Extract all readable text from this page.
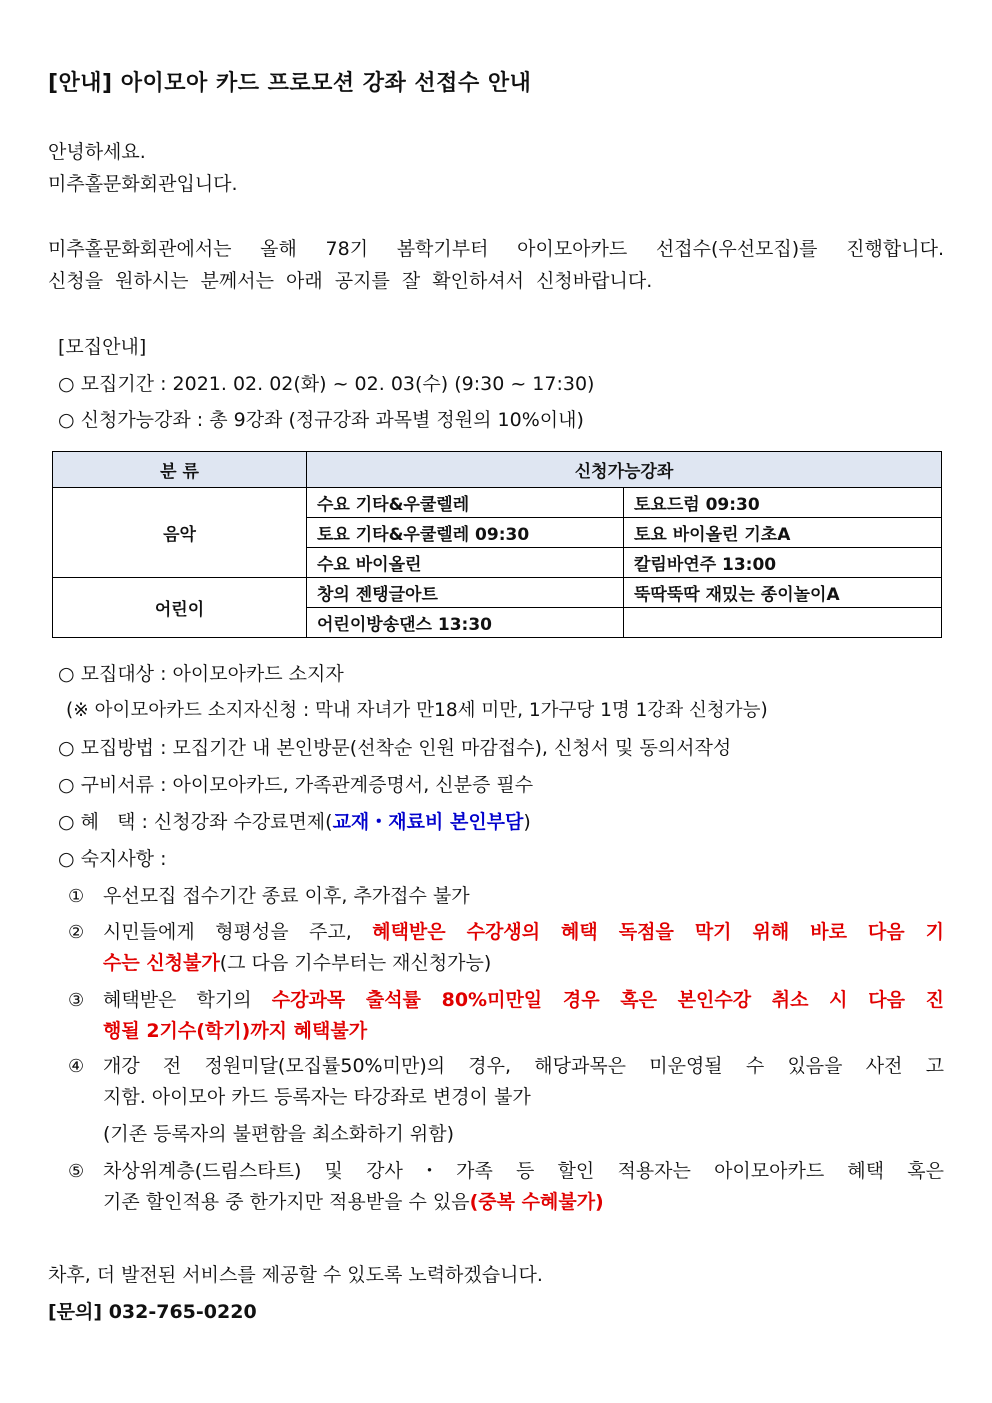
[안내] 아이모아 카드 프로모션 강좌 선접수 안내
안녕하세요.
미추홀문화회관입니다.
미추홀문화회관에서는 올해 78기 봄학기부터 아이모아카드 선접수(우선모집)를 진행합니다.
신청을 원하시는 분께서는 아래 공지를 잘 확인하셔서 신청바랍니다.
[모집안내]
○ 모집기간 : 2021. 02. 02(화) ~ 02. 03(수) (9:30 ~ 17:30)
○ 신청가능강좌 : 총 9강좌 (정규강좌 과목별 정원의 10%이내)
분 류	신청가능강좌	
음악	수요 기타&우쿨렐레	토요드럼 09:30
	토요 기타&우쿨렐레 09:30	토요 바이올린 기초A
	수요 바이올린	칼림바연주 13:00
어린이	창의 젠탱글아트	뚝딱뚝딱 재밌는 종이놀이A
	어린이방송댄스 13:30	
○ 모집대상 : 아이모아카드 소지자
(※ 아이모아카드 소지자신청 : 막내 자녀가 만18세 미만, 1가구당 1명 1강좌 신청가능)
○ 모집방법 : 모집기간 내 본인방문(선착순 인원 마감접수), 신청서 및 동의서작성
○ 구비서류 : 아이모아카드, 가족관계증명서, 신분증 필수
○ 혜   택 : 신청강좌 수강료면제(교재・재료비 본인부담)
○ 숙지사항 :
① 우선모집 접수기간 종료 이후, 추가접수 불가
② 시민들에게 형평성을 주고, 혜택받은 수강생의 혜택 독점을 막기 위해 바로 다음 기
수는 신청불가(그 다음 기수부터는 재신청가능)
③ 혜택받은 학기의 수강과목 출석률 80%미만일 경우 혹은 본인수강 취소 시 다음 진
행될 2기수(학기)까지 혜택불가
④ 개강 전 정원미달(모집률50%미만)의 경우, 해당과목은 미운영될 수 있음을 사전 고
지함. 아이모아 카드 등록자는 타강좌로 변경이 불가
(기존 등록자의 불편함을 최소화하기 위함)
⑤ 차상위계층(드림스타트) 및 강사・가족 등 할인 적용자는 아이모아카드 혜택 혹은
기존 할인적용 중 한가지만 적용받을 수 있음(중복 수혜불가)
차후, 더 발전된 서비스를 제공할 수 있도록 노력하겠습니다.
[문의] 032-765-0220
